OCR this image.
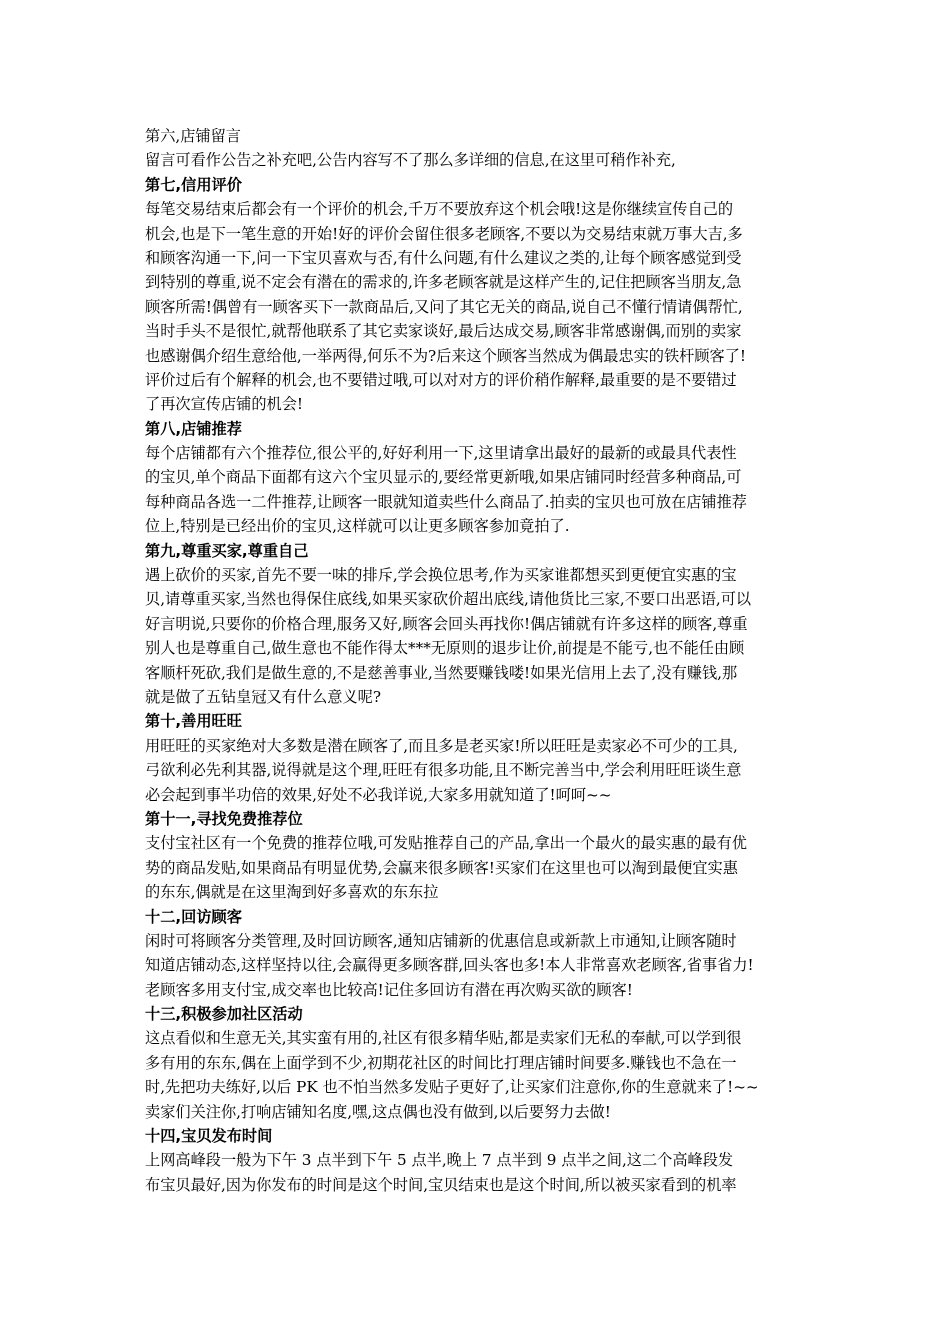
第六,店铺留言
留言可看作公告之补充吧,公告内容写不了那么多详细的信息,在这里可稍作补充,
第七,信用评价
每笔交易结束后都会有一个评价的机会,千万不要放弃这个机会哦!这是你继续宣传自己的
机会,也是下一笔生意的开始!好的评价会留住很多老顾客,不要以为交易结束就万事大吉,多
和顾客沟通一下,问一下宝贝喜欢与否,有什么问题,有什么建议之类的,让每个顾客感觉到受
到特别的尊重,说不定会有潜在的需求的,许多老顾客就是这样产生的,记住把顾客当朋友,急
顾客所需!偶曾有一顾客买下一款商品后,又问了其它无关的商品,说自己不懂行情请偶帮忙,
当时手头不是很忙,就帮他联系了其它卖家谈好,最后达成交易,顾客非常感谢偶,而别的卖家
也感谢偶介绍生意给他,一举两得,何乐不为?后来这个顾客当然成为偶最忠实的铁杆顾客了!
评价过后有个解释的机会,也不要错过哦,可以对对方的评价稍作解释,最重要的是不要错过
了再次宣传店铺的机会!
第八,店铺推荐
每个店铺都有六个推荐位,很公平的,好好利用一下,这里请拿出最好的最新的或最具代表性
的宝贝,单个商品下面都有这六个宝贝显示的,要经常更新哦,如果店铺同时经营多种商品,可
每种商品各选一二件推荐,让顾客一眼就知道卖些什么商品了.拍卖的宝贝也可放在店铺推荐
位上,特别是已经出价的宝贝,这样就可以让更多顾客参加竟拍了.
第九,尊重买家,尊重自己
遇上砍价的买家,首先不要一味的排斥,学会换位思考,作为买家谁都想买到更便宜实惠的宝
贝,请尊重买家,当然也得保住底线,如果买家砍价超出底线,请他货比三家,不要口出恶语,可以
好言明说,只要你的价格合理,服务又好,顾客会回头再找你!偶店铺就有许多这样的顾客,尊重
别人也是尊重自己,做生意也不能作得太***无原则的退步让价,前提是不能亏,也不能任由顾
客顺杆死砍,我们是做生意的,不是慈善事业,当然要赚钱喽!如果光信用上去了,没有赚钱,那
就是做了五钻皇冠又有什么意义呢?
第十,善用旺旺
用旺旺的买家绝对大多数是潜在顾客了,而且多是老买家!所以旺旺是卖家必不可少的工具,
弓欲利必先利其器,说得就是这个理,旺旺有很多功能,且不断完善当中,学会利用旺旺谈生意
必会起到事半功倍的效果,好处不必我详说,大家多用就知道了!呵呵~~
第十一,寻找免费推荐位
支付宝社区有一个免费的推荐位哦,可发贴推荐自己的产品,拿出一个最火的最实惠的最有优
势的商品发贴,如果商品有明显优势,会赢来很多顾客!买家们在这里也可以淘到最便宜实惠
的东东,偶就是在这里淘到好多喜欢的东东拉
十二,回访顾客
闲时可将顾客分类管理,及时回访顾客,通知店铺新的优惠信息或新款上市通知,让顾客随时
知道店铺动态,这样坚持以往,会赢得更多顾客群,回头客也多!本人非常喜欢老顾客,省事省力!
老顾客多用支付宝,成交率也比较高!记住多回访有潜在再次购买欲的顾客!
十三,积极参加社区活动
这点看似和生意无关,其实蛮有用的,社区有很多精华贴,都是卖家们无私的奉献,可以学到很
多有用的东东,偶在上面学到不少,初期花社区的时间比打理店铺时间要多.赚钱也不急在一
时,先把功夫练好,以后 PK 也不怕当然多发贴子更好了,让买家们注意你,你的生意就来了!~~
卖家们关注你,打响店铺知名度,嘿,这点偶也没有做到,以后要努力去做!
十四,宝贝发布时间
上网高峰段一般为下午 3 点半到下午 5 点半,晚上 7 点半到 9 点半之间,这二个高峰段发
布宝贝最好,因为你发布的时间是这个时间,宝贝结束也是这个时间,所以被买家看到的机率
